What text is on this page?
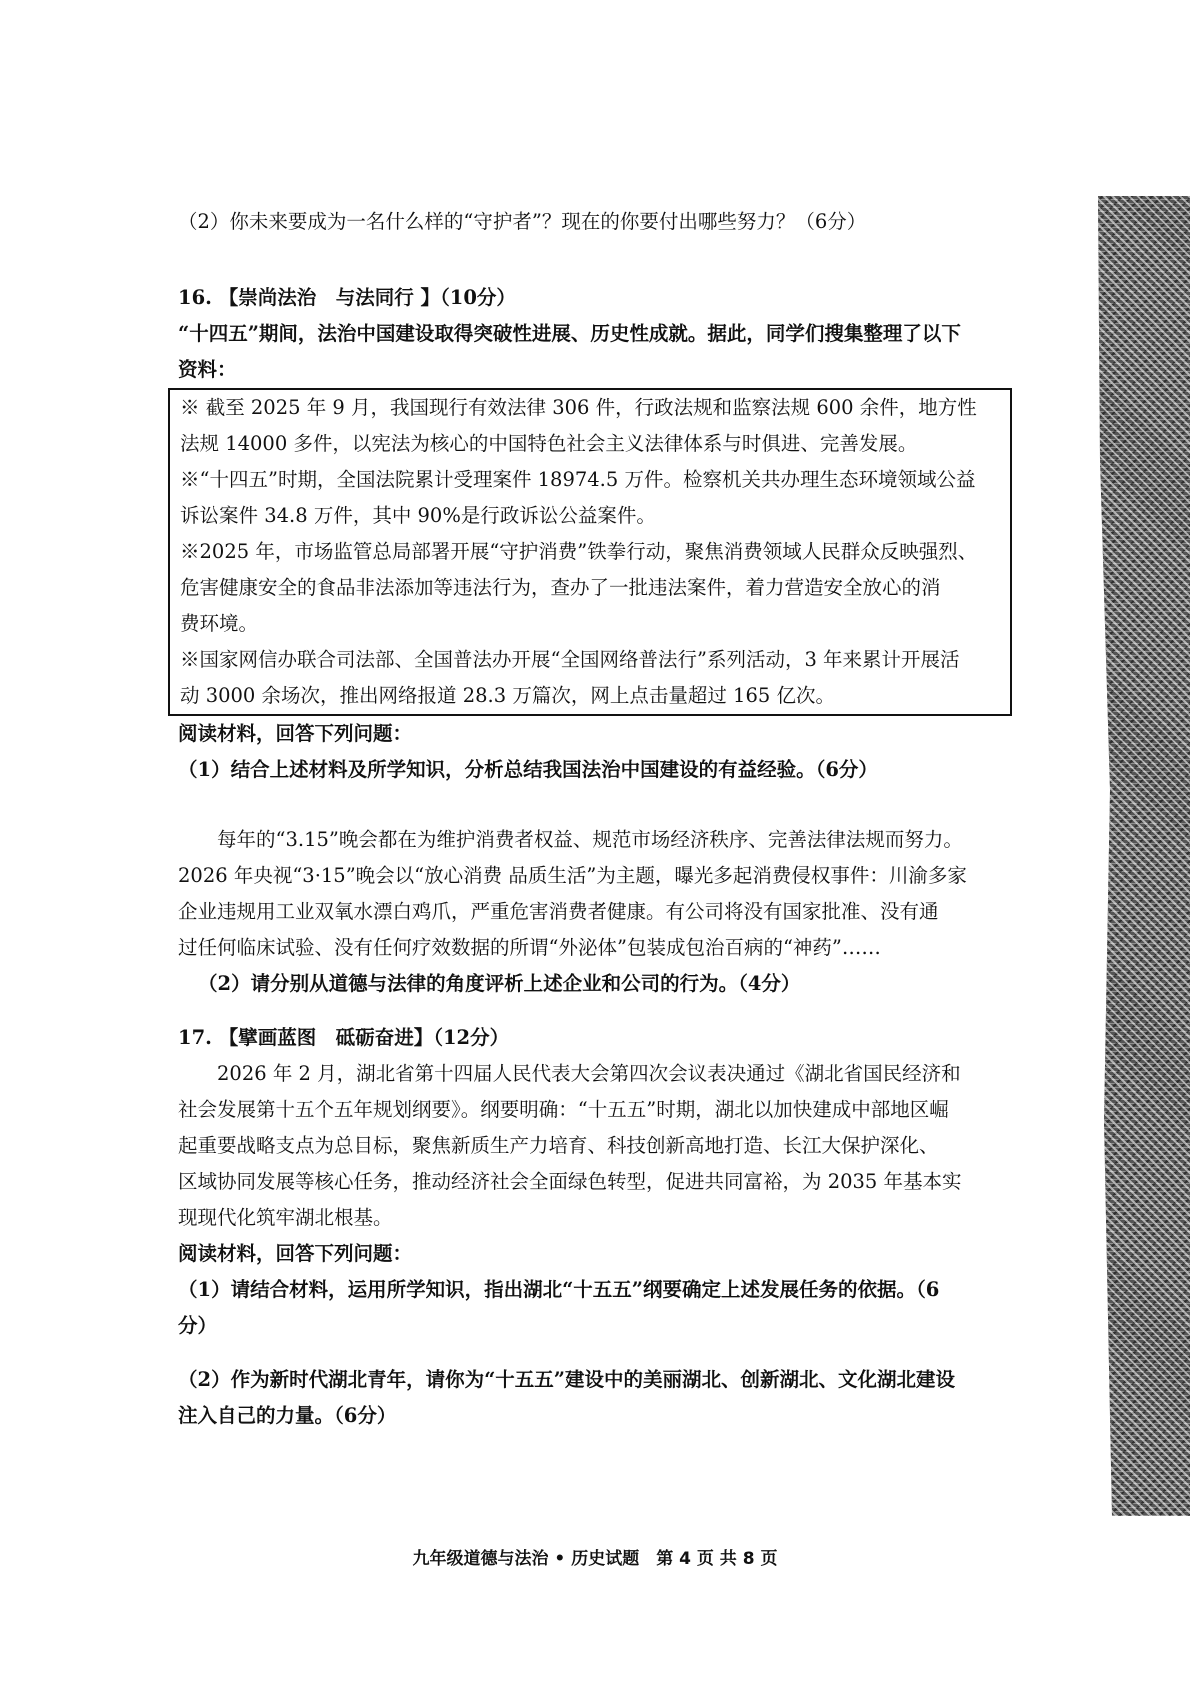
（2）你未来要成为一名什么样的“守护者”？现在的你要付出哪些努力？（6分）
16. 【崇尚法治　与法同行 】（10分）
“十四五”期间，法治中国建设取得突破性进展、历史性成就。据此，同学们搜集整理了以下
资料：
※ 截至 2025 年 9 月，我国现行有效法律 306 件，行政法规和监察法规 600 余件，地方性
法规 14000 多件，以宪法为核心的中国特色社会主义法律体系与时俱进、完善发展。
※“十四五”时期，全国法院累计受理案件 18974.5 万件。检察机关共办理生态环境领域公益
诉讼案件 34.8 万件，其中 90%是行政诉讼公益案件。
※2025 年，市场监管总局部署开展“守护消费”铁拳行动，聚焦消费领域人民群众反映强烈、
危害健康安全的食品非法添加等违法行为，查办了一批违法案件，着力营造安全放心的消
费环境。
※国家网信办联合司法部、全国普法办开展“全国网络普法行”系列活动，3 年来累计开展活
动 3000 余场次，推出网络报道 28.3 万篇次，网上点击量超过 165 亿次。
阅读材料，回答下列问题：
（1）结合上述材料及所学知识，分析总结我国法治中国建设的有益经验。（6分）
每年的“3.15”晚会都在为维护消费者权益、规范市场经济秩序、完善法律法规而努力。
2026 年央视“3·15”晚会以“放心消费 品质生活”为主题，曝光多起消费侵权事件：川渝多家
企业违规用工业双氧水漂白鸡爪，严重危害消费者健康。有公司将没有国家批准、没有通
过任何临床试验、没有任何疗效数据的所谓“外泌体”包装成包治百病的“神药”……
（2）请分别从道德与法律的角度评析上述企业和公司的行为。（4分）
17. 【擘画蓝图　砥砺奋进】（12分）
2026 年 2 月，湖北省第十四届人民代表大会第四次会议表决通过《湖北省国民经济和
社会发展第十五个五年规划纲要》。纲要明确：“十五五”时期，湖北以加快建成中部地区崛
起重要战略支点为总目标，聚焦新质生产力培育、科技创新高地打造、长江大保护深化、
区域协同发展等核心任务，推动经济社会全面绿色转型，促进共同富裕，为 2035 年基本实
现现代化筑牢湖北根基。
阅读材料，回答下列问题：
（1）请结合材料，运用所学知识，指出湖北“十五五”纲要确定上述发展任务的依据。（6
分）
（2）作为新时代湖北青年，请你为“十五五”建设中的美丽湖北、创新湖北、文化湖北建设
注入自己的力量。（6分）
九年级道德与法治 • 历史试题　第 4 页 共 8 页
